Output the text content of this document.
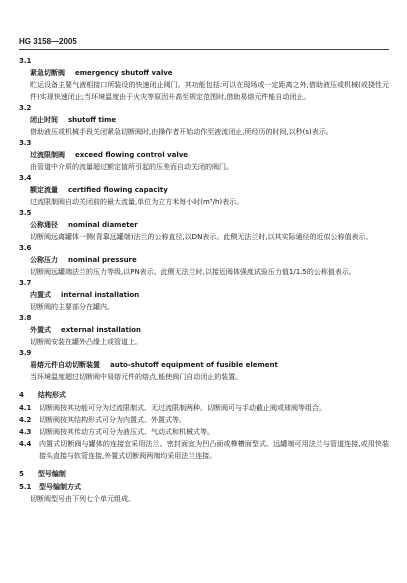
HG 3158—2005
3.1
紧急切断阀 emergency shutoff valve
贮运设备主要气液相接口所装设的快速闭止阀门。其功能包括:可以在现场或一定距离之外,借助液压或机械(或挠性元件)实现快速闭止;当环境温度由于火灾等原因升高至规定范围时,借助易熔元件能自动闭止。
3.2
闭止时间 shutoff time
借助液压或机械手段关闭紧急切断阀时,由操作者开始动作至液流闭止,所经历的时间,以秒(s)表示。
3.3
过流限制阀 exceed flowing control valve
由管道中介质的流量超过额定值所引起的压差而自动关闭的阀门。
3.4
额定流量 certified flowing capacity
过流限制阀自动关闭前的最大流量,单位为立方米每小时(m³/h)表示。
3.5
公称通径 nominal diameter
切断阀远离罐体一侧(背靠远罐端)法兰的公称直径,以DN表示。此侧无法兰时,以其实际通径的近似公称值表示。
3.6
公称压力 nominal pressure
切断阀远罐端法兰的压力等级,以PN表示。此侧无法兰时,以接近阀体强度试验压力值1/1.5的公称值表示。
3.7
内置式 internal installation
切断阀的主要部分在罐内。
3.8
外置式 external installation
切断阀安装在罐外凸缘上或管道上。
3.9
易熔元件自动切断装置 auto-shutoff equipment of fusible element
当环境温度超过切断阀中易熔元件的熔点,能使阀门自动闭止的装置。
4 结构形式
4.1	切断阀按其功能可分为过流限制式、无过流限制两种。切断阀可与手动截止阀或球阀等组合。
4.2	切断阀按其结构形式可分为内置式、外置式等。
4.3	切断阀按其传动方式可分为液压式、气动式和机械式等。
4.4	内置式切断阀与罐体的连接宜采用法兰。密封面宜为凹凸面或榫槽面型式。远罐端可用法兰与管道连接,或用快装接头直接与软管连接,外置式切断阀两端均采用法兰连接。
5 型号编制
5.1	型号编制方式
切断阀型号由下列七个单元组成。
